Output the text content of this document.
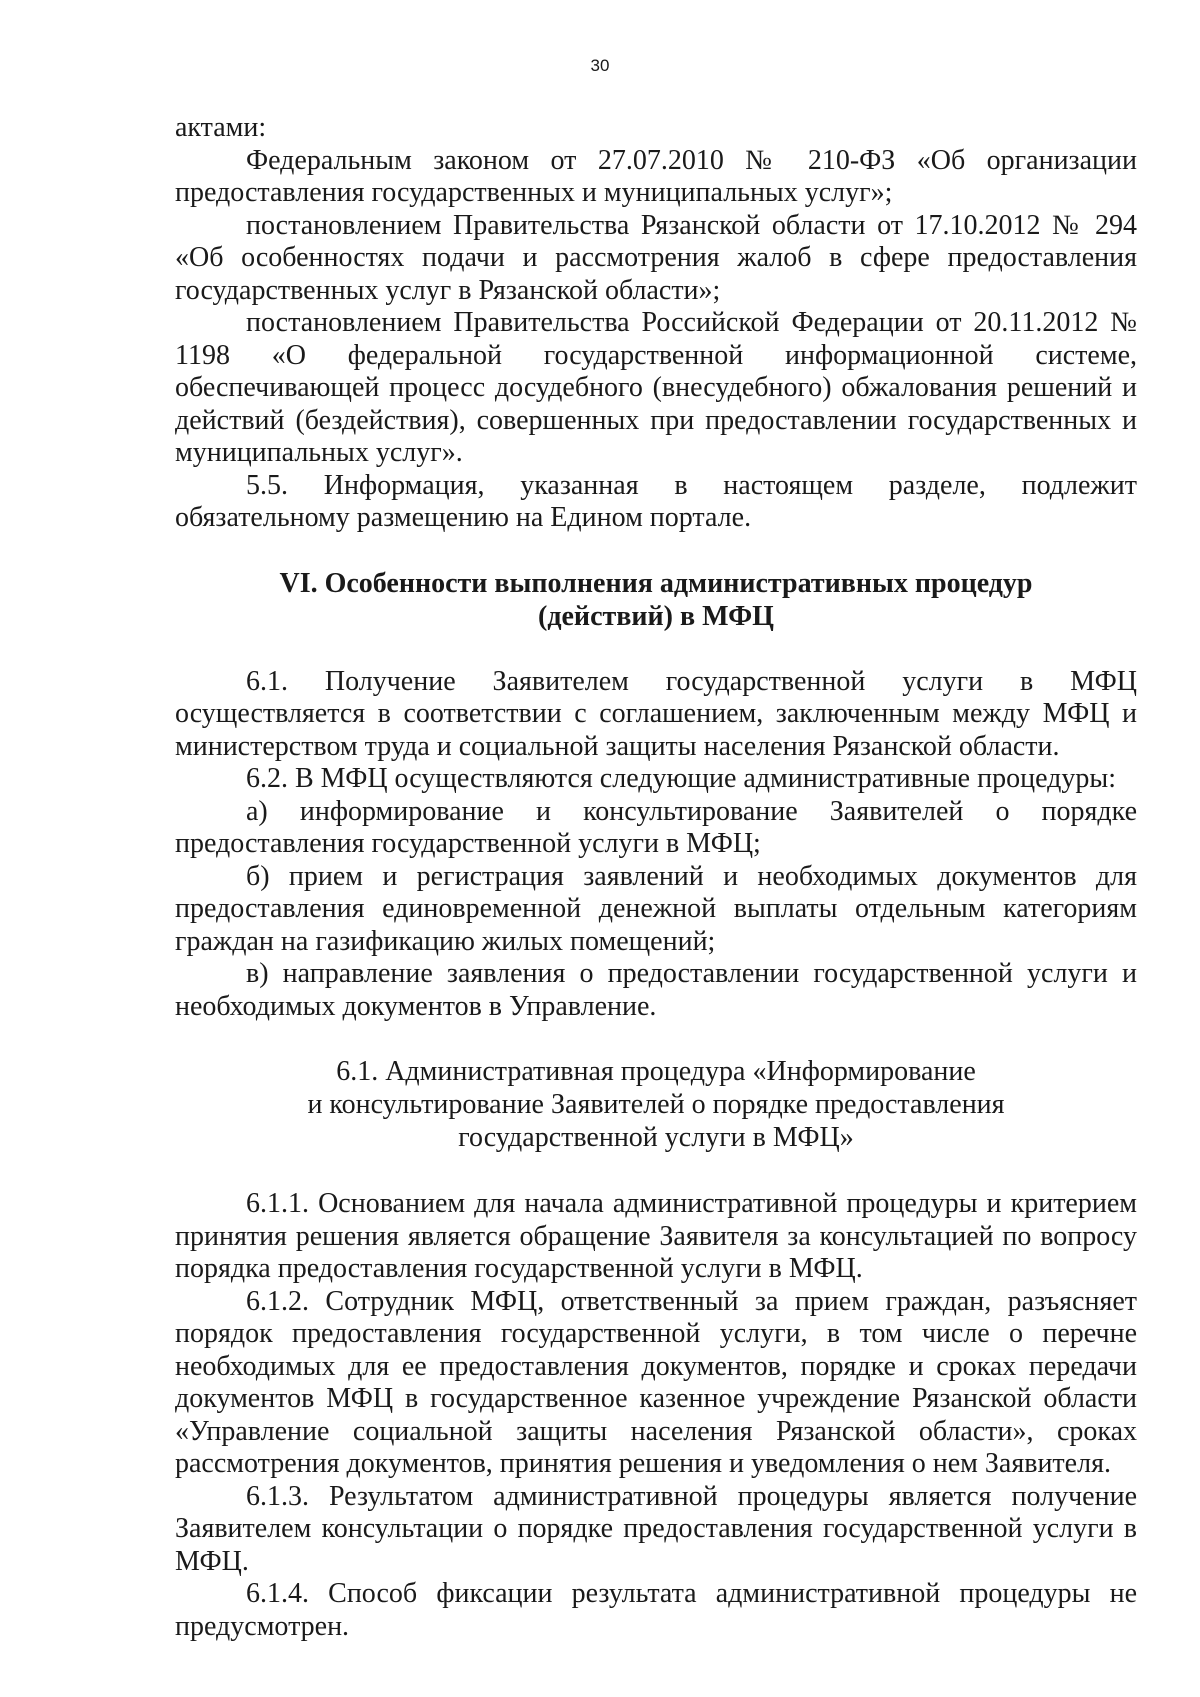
30

актами:

Федеральным законом от 27.07.2010 № 210-ФЗ «Об организации предоставления государственных и муниципальных услуг»;

постановлением Правительства Рязанской области от 17.10.2012 № 294 «Об особенностях подачи и рассмотрения жалоб в сфере предоставления государственных услуг в Рязанской области»;

постановлением Правительства Российской Федерации от 20.11.2012 № 1198 «О федеральной государственной информационной системе, обеспечивающей процесс досудебного (внесудебного) обжалования решений и действий (бездействия), совершенных при предоставлении государственных и муниципальных услуг».

5.5. Информация, указанная в настоящем разделе, подлежит обязательному размещению на Едином портале.

VI. Особенности выполнения административных процедур
(действий) в МФЦ

6.1. Получение Заявителем государственной услуги в МФЦ осуществляется в соответствии с соглашением, заключенным между МФЦ и министерством труда и социальной защиты населения Рязанской области.

6.2. В МФЦ осуществляются следующие административные процедуры:

а) информирование и консультирование Заявителей о порядке предоставления государственной услуги в МФЦ;

б) прием и регистрация заявлений и необходимых документов для предоставления единовременной денежной выплаты отдельным категориям граждан на газификацию жилых помещений;

в) направление заявления о предоставлении государственной услуги и необходимых документов в Управление.

6.1. Административная процедура «Информирование
и консультирование Заявителей о порядке предоставления
государственной услуги в МФЦ»

6.1.1. Основанием для начала административной процедуры и критерием принятия решения является обращение Заявителя за консультацией по вопросу порядка предоставления государственной услуги в МФЦ.

6.1.2. Сотрудник МФЦ, ответственный за прием граждан, разъясняет порядок предоставления государственной услуги, в том числе о перечне необходимых для ее предоставления документов, порядке и сроках передачи документов МФЦ в государственное казенное учреждение Рязанской области «Управление социальной защиты населения Рязанской области», сроках рассмотрения документов, принятия решения и уведомления о нем Заявителя.

6.1.3. Результатом административной процедуры является получение Заявителем консультации о порядке предоставления государственной услуги в МФЦ.

6.1.4. Способ фиксации результата административной процедуры не предусмотрен.
